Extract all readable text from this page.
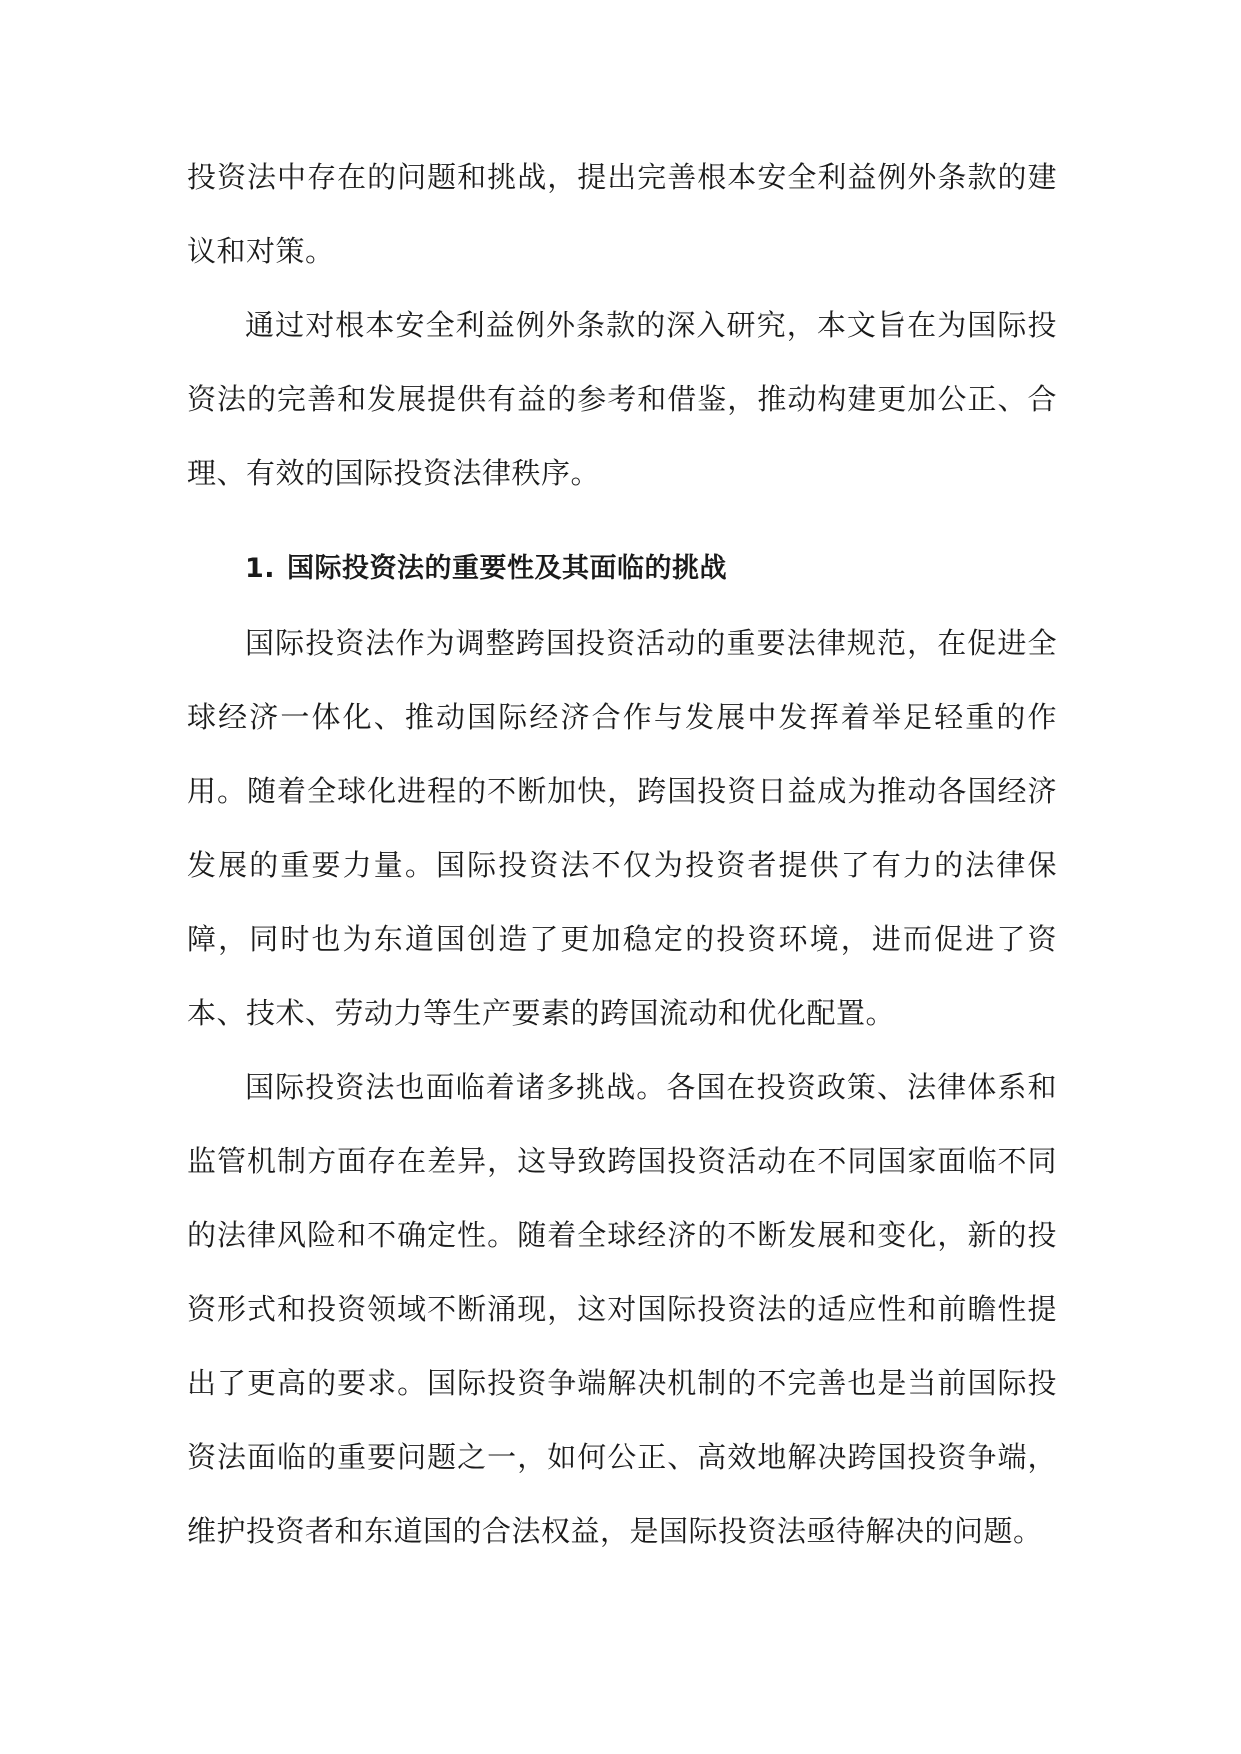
投资法中存在的问题和挑战，提出完善根本安全利益例外条款的建议和对策。

通过对根本安全利益例外条款的深入研究，本文旨在为国际投资法的完善和发展提供有益的参考和借鉴，推动构建更加公正、合理、有效的国际投资法律秩序。

1. 国际投资法的重要性及其面临的挑战

国际投资法作为调整跨国投资活动的重要法律规范，在促进全球经济一体化、推动国际经济合作与发展中发挥着举足轻重的作用。随着全球化进程的不断加快，跨国投资日益成为推动各国经济发展的重要力量。国际投资法不仅为投资者提供了有力的法律保障，同时也为东道国创造了更加稳定的投资环境，进而促进了资本、技术、劳动力等生产要素的跨国流动和优化配置。

国际投资法也面临着诸多挑战。各国在投资政策、法律体系和监管机制方面存在差异，这导致跨国投资活动在不同国家面临不同的法律风险和不确定性。随着全球经济的不断发展和变化，新的投资形式和投资领域不断涌现，这对国际投资法的适应性和前瞻性提出了更高的要求。国际投资争端解决机制的不完善也是当前国际投资法面临的重要问题之一，如何公正、高效地解决跨国投资争端，维护投资者和东道国的合法权益，是国际投资法亟待解决的问题。
